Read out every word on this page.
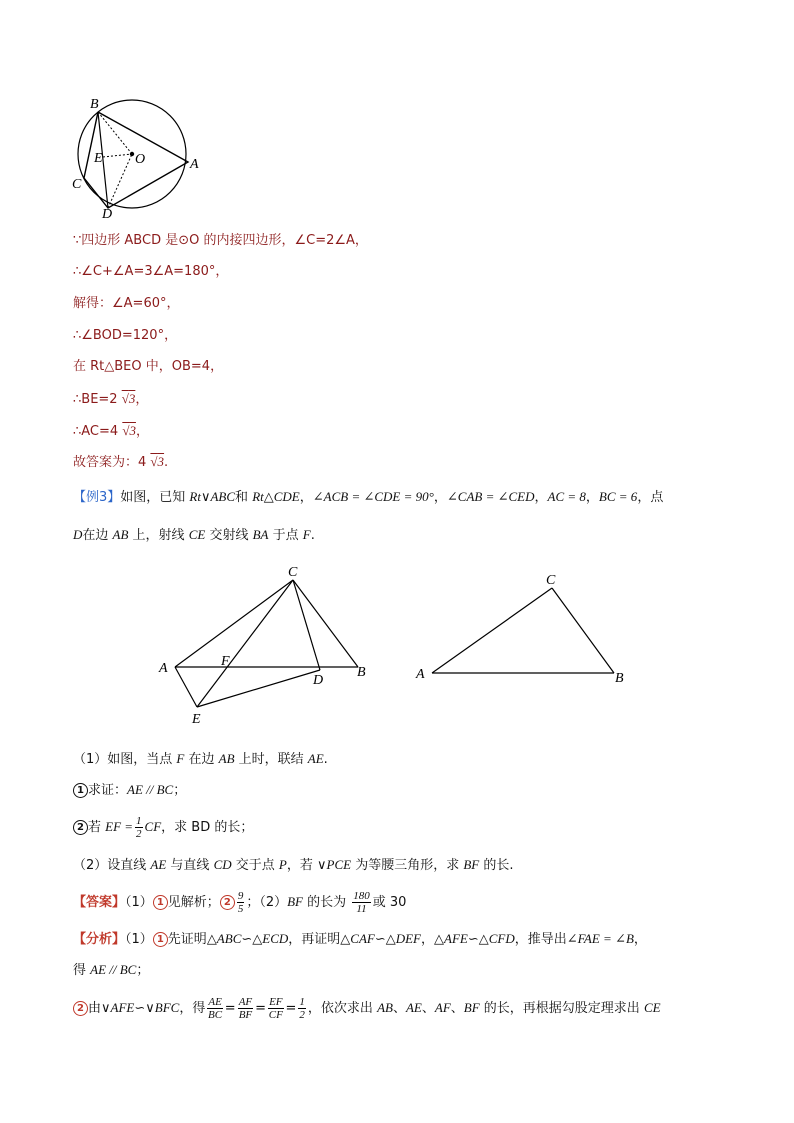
B
E O	A
C
D
∵四边形 ABCD 是⊙O 的内接四边形，∠C=2∠A，
∴∠C+∠A=3∠A=180°，
解得：∠A=60°，
∴∠BOD=120°，
在 Rt△BEO 中，OB=4，
∴BE=2 √3，
∴AC=4 √3，
故答案为：4 √3.
【例3】如图，已知 Rt∨ABC和 Rt△CDE，∠ACB = ∠CDE = 90°，∠CAB = ∠CED，AC = 8，BC = 6，点
D在边 AB 上，射线 CE 交射线 BA 于点 F.
C
A	F
D
B
E
C
A	B
（1）如图，当点 F 在边 AB 上时，联结 AE.
1 求证：AE // BC；
2 若 EF = $\frac{1}{2}$ CF，求 BD 的长；
（2）设直线 AE 与直线 CD 交于点 P，若 ∨PCE 为等腰三角形，求 BF 的长.
【答案】（1） 1 见解析； $2 \frac{9}{5}$ ；（2）BF 的长为 $\frac{180}{11}$ 或 30
【分析】（1） 1 先证明△ABC∽△ECD，再证明△CAF∽△DEF，△AFE∽△CFD，推导出∠FAE = ∠B，
得 AE // BC；
2 由∨AFE∽∨BFC，得 $\frac{AE}{BC} = \frac{AF}{BF} = \frac{EF}{CF} = \frac{1}{2}$ ，依次求出 AB、AE、AF、BF 的长，再根据勾股定理求出 CE
